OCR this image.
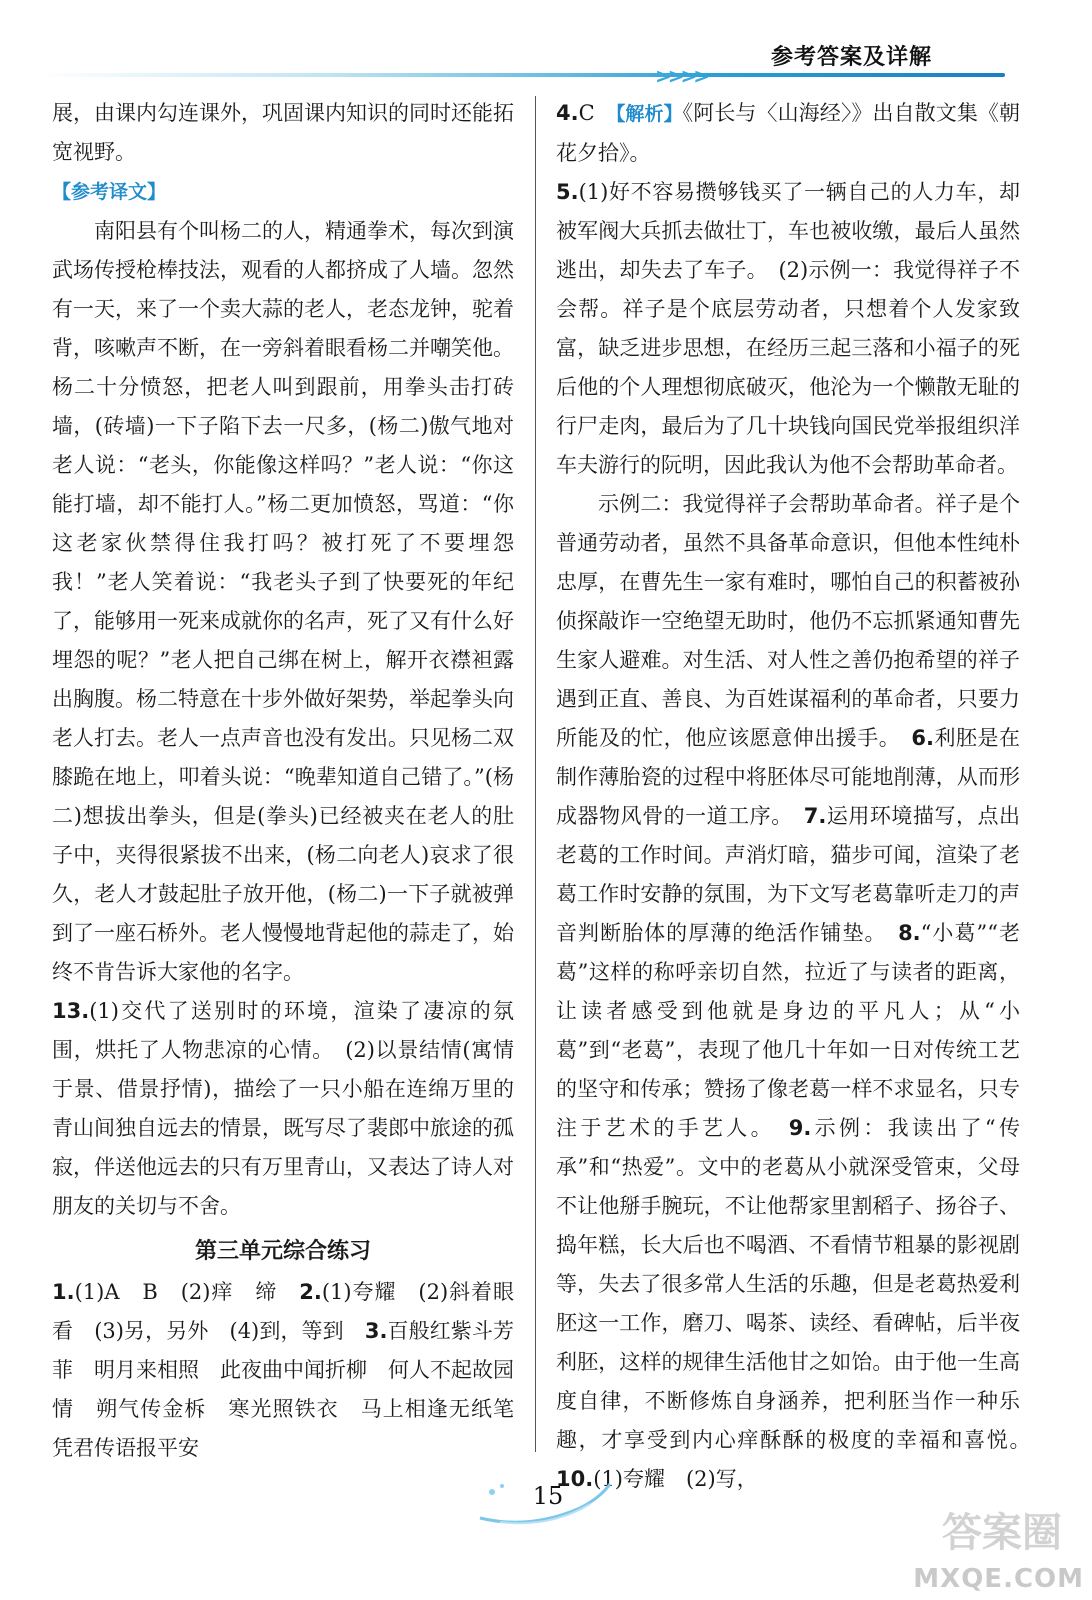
参考答案及详解

展，由课内勾连课外，巩固课内知识的同时还能拓宽视野。

【参考译文】

南阳县有个叫杨二的人，精通拳术，每次到演武场传授枪棒技法，观看的人都挤成了人墙。忽然有一天，来了一个卖大蒜的老人，老态龙钟，驼着背，咳嗽声不断，在一旁斜着眼看杨二并嘲笑他。杨二十分愤怒，把老人叫到跟前，用拳头击打砖墙，(砖墙)一下子陷下去一尺多，(杨二)傲气地对老人说：“老头，你能像这样吗？”老人说：“你这能打墙，却不能打人。”杨二更加愤怒，骂道：“你这老家伙禁得住我打吗？被打死了不要埋怨我！”老人笑着说：“我老头子到了快要死的年纪了，能够用一死来成就你的名声，死了又有什么好埋怨的呢？”老人把自己绑在树上，解开衣襟袒露出胸腹。杨二特意在十步外做好架势，举起拳头向老人打去。老人一点声音也没有发出。只见杨二双膝跪在地上，叩着头说：“晚辈知道自己错了。”(杨二)想拔出拳头，但是(拳头)已经被夹在老人的肚子中，夹得很紧拔不出来，(杨二向老人)哀求了很久，老人才鼓起肚子放开他，(杨二)一下子就被弹到了一座石桥外。老人慢慢地背起他的蒜走了，始终不肯告诉大家他的名字。

13.(1)交代了送别时的环境，渲染了凄凉的氛围，烘托了人物悲凉的心情。　(2)以景结情(寓情于景、借景抒情)，描绘了一只小船在连绵万里的青山间独自远去的情景，既写尽了裴郎中旅途的孤寂，伴送他远去的只有万里青山，又表达了诗人对朋友的关切与不舍。

第三单元综合练习

1.(1)A　B　(2)痒　缔　2.(1)夸耀　(2)斜着眼看　(3)另，另外　(4)到，等到　3.百般红紫斗芳菲　明月来相照　此夜曲中闻折柳　何人不起故园情　朔气传金柝　寒光照铁衣　马上相逢无纸笔　凭君传语报平安

4.C　【解析】《阿长与〈山海经〉》出自散文集《朝花夕拾》。

5.(1)好不容易攒够钱买了一辆自己的人力车，却被军阀大兵抓去做壮丁，车也被收缴，最后人虽然逃出，却失去了车子。　(2)示例一：我觉得祥子不会帮。祥子是个底层劳动者，只想着个人发家致富，缺乏进步思想，在经历三起三落和小福子的死后他的个人理想彻底破灭，他沦为一个懒散无耻的行尸走肉，最后为了几十块钱向国民党举报组织洋车夫游行的阮明，因此我认为他不会帮助革命者。

示例二：我觉得祥子会帮助革命者。祥子是个普通劳动者，虽然不具备革命意识，但他本性纯朴忠厚，在曹先生一家有难时，哪怕自己的积蓄被孙侦探敲诈一空绝望无助时，他仍不忘抓紧通知曹先生家人避难。对生活、对人性之善仍抱希望的祥子遇到正直、善良、为百姓谋福利的革命者，只要力所能及的忙，他应该愿意伸出援手。　6.利胚是在制作薄胎瓷的过程中将胚体尽可能地削薄，从而形成器物风骨的一道工序。　7.运用环境描写，点出老葛的工作时间。声消灯暗，猫步可闻，渲染了老葛工作时安静的氛围，为下文写老葛靠听走刀的声音判断胎体的厚薄的绝活作铺垫。　8.“小葛”“老葛”这样的称呼亲切自然，拉近了与读者的距离，让读者感受到他就是身边的平凡人；从“小葛”到“老葛”，表现了他几十年如一日对传统工艺的坚守和传承；赞扬了像老葛一样不求显名，只专注于艺术的手艺人。　9.示例：我读出了“传承”和“热爱”。文中的老葛从小就深受管束，父母不让他掰手腕玩，不让他帮家里割稻子、扬谷子、捣年糕，长大后也不喝酒、不看情节粗暴的影视剧等，失去了很多常人生活的乐趣，但是老葛热爱利胚这一工作，磨刀、喝茶、读经、看碑帖，后半夜利胚，这样的规律生活他甘之如饴。由于他一生高度自律，不断修炼自身涵养，把利胚当作一种乐趣，才享受到内心痒酥酥的极度的幸福和喜悦。　10.(1)夸耀　(2)写，

15
答案圈
MXQE.COM
